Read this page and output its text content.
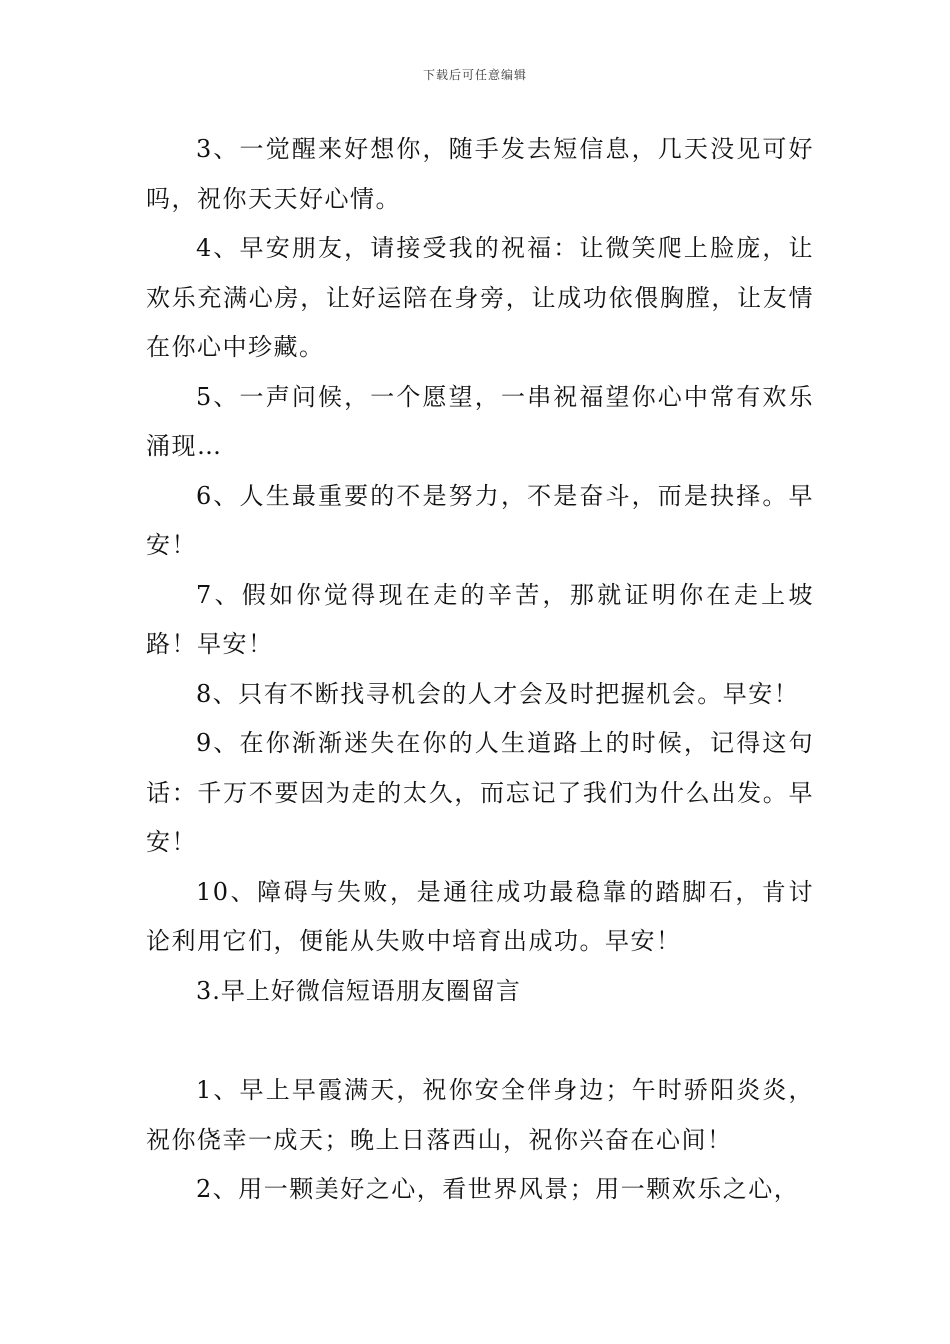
下载后可任意编辑

3、一觉醒来好想你，随手发去短信息，几天没见可好吗，祝你天天好心情。

4、早安朋友，请接受我的祝福：让微笑爬上脸庞，让欢乐充满心房，让好运陪在身旁，让成功依偎胸膛，让友情在你心中珍藏。

5、一声问候，一个愿望，一串祝福望你心中常有欢乐涌现…

6、人生最重要的不是努力，不是奋斗，而是抉择。早安！

7、假如你觉得现在走的辛苦，那就证明你在走上坡路！早安！

8、只有不断找寻机会的人才会及时把握机会。早安！

9、在你渐渐迷失在你的人生道路上的时候，记得这句话：千万不要因为走的太久，而忘记了我们为什么出发。早安！

10、障碍与失败，是通往成功最稳靠的踏脚石，肯讨论利用它们，便能从失败中培育出成功。早安！

3.早上好微信短语朋友圈留言

1、早上早霞满天，祝你安全伴身边；午时骄阳炎炎，祝你侥幸一成天；晚上日落西山，祝你兴奋在心间！

2、用一颗美好之心，看世界风景；用一颗欢乐之心，
